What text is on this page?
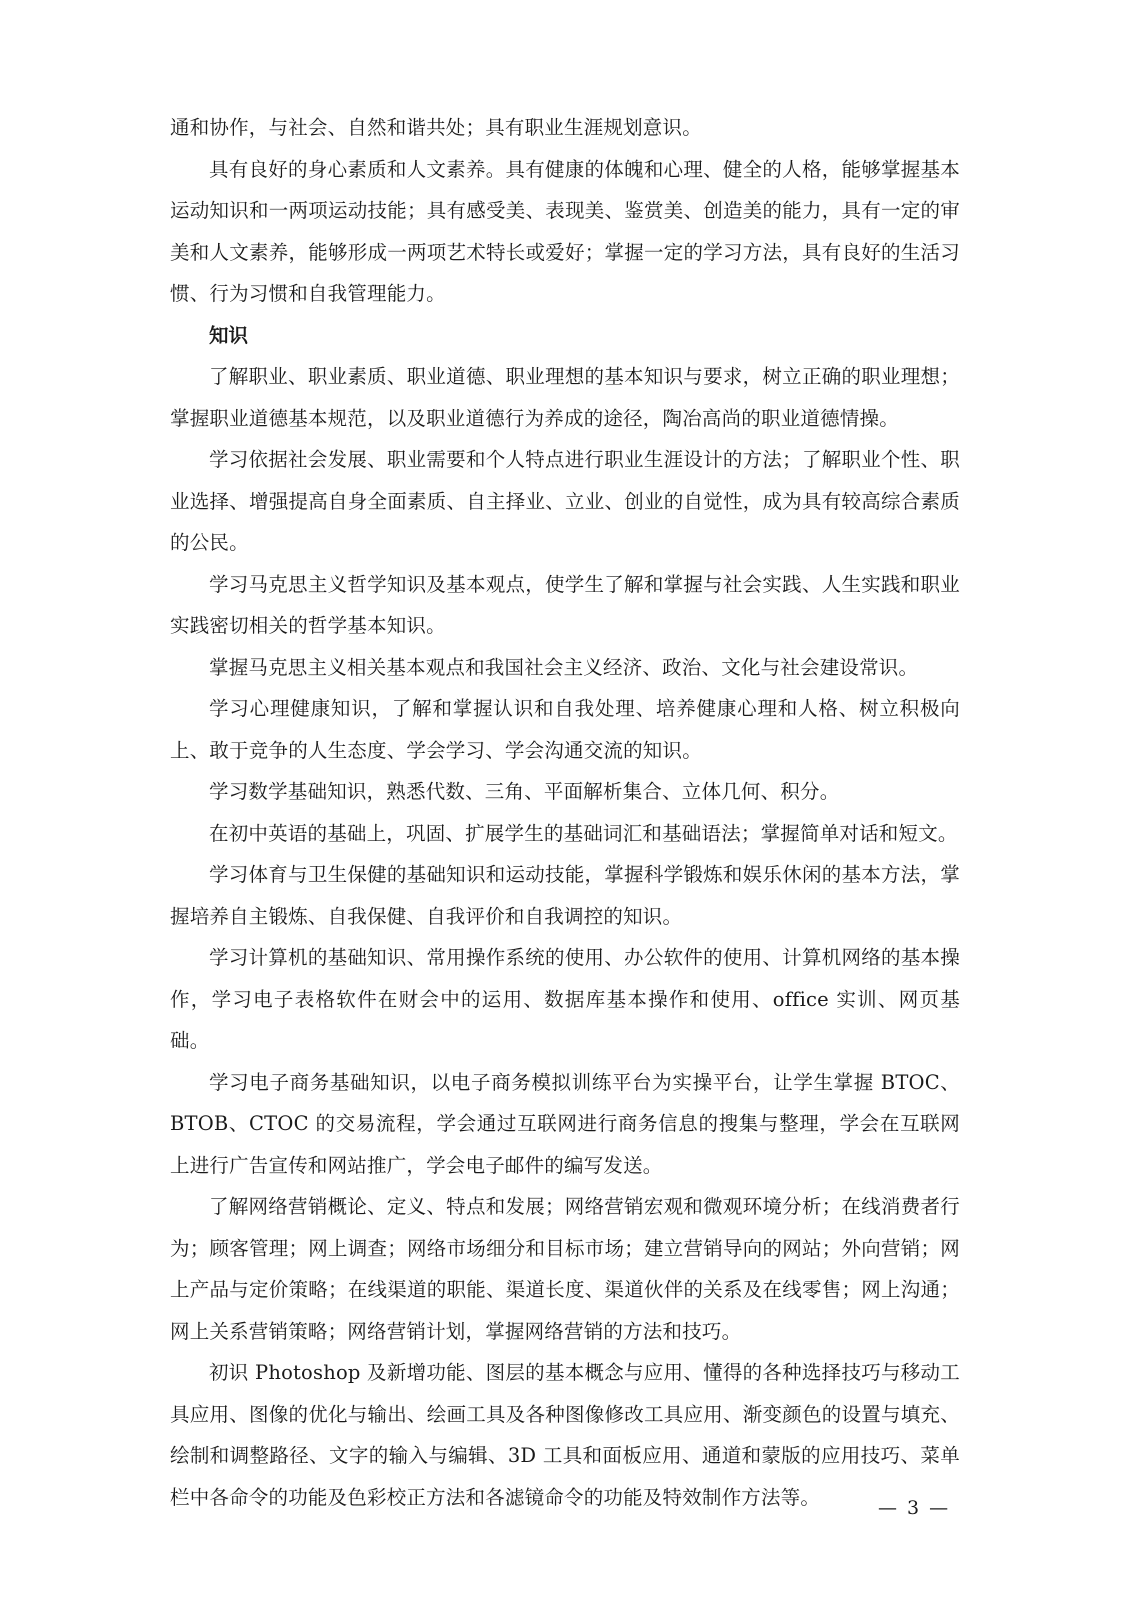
通和协作，与社会、自然和谐共处；具有职业生涯规划意识。

具有良好的身心素质和人文素养。具有健康的体魄和心理、健全的人格，能够掌握基本运动知识和一两项运动技能；具有感受美、表现美、鉴赏美、创造美的能力，具有一定的审美和人文素养，能够形成一两项艺术特长或爱好；掌握一定的学习方法，具有良好的生活习惯、行为习惯和自我管理能力。

知识

了解职业、职业素质、职业道德、职业理想的基本知识与要求，树立正确的职业理想；掌握职业道德基本规范，以及职业道德行为养成的途径，陶冶高尚的职业道德情操。

学习依据社会发展、职业需要和个人特点进行职业生涯设计的方法；了解职业个性、职业选择、增强提高自身全面素质、自主择业、立业、创业的自觉性，成为具有较高综合素质的公民。

学习马克思主义哲学知识及基本观点，使学生了解和掌握与社会实践、人生实践和职业实践密切相关的哲学基本知识。

掌握马克思主义相关基本观点和我国社会主义经济、政治、文化与社会建设常识。

学习心理健康知识，了解和掌握认识和自我处理、培养健康心理和人格、树立积极向上、敢于竞争的人生态度、学会学习、学会沟通交流的知识。

学习数学基础知识，熟悉代数、三角、平面解析集合、立体几何、积分。

在初中英语的基础上，巩固、扩展学生的基础词汇和基础语法；掌握简单对话和短文。

学习体育与卫生保健的基础知识和运动技能，掌握科学锻炼和娱乐休闲的基本方法，掌握培养自主锻炼、自我保健、自我评价和自我调控的知识。

学习计算机的基础知识、常用操作系统的使用、办公软件的使用、计算机网络的基本操作，学习电子表格软件在财会中的运用、数据库基本操作和使用、office 实训、网页基础。

学习电子商务基础知识，以电子商务模拟训练平台为实操平台，让学生掌握 BTOC、BTOB、CTOC 的交易流程，学会通过互联网进行商务信息的搜集与整理，学会在互联网上进行广告宣传和网站推广，学会电子邮件的编写发送。

了解网络营销概论、定义、特点和发展；网络营销宏观和微观环境分析；在线消费者行为；顾客管理；网上调查；网络市场细分和目标市场；建立营销导向的网站；外向营销；网上产品与定价策略；在线渠道的职能、渠道长度、渠道伙伴的关系及在线零售；网上沟通；网上关系营销策略；网络营销计划，掌握网络营销的方法和技巧。

初识 Photoshop 及新增功能、图层的基本概念与应用、懂得的各种选择技巧与移动工具应用、图像的优化与输出、绘画工具及各种图像修改工具应用、渐变颜色的设置与填充、绘制和调整路径、文字的输入与编辑、3D 工具和面板应用、通道和蒙版的应用技巧、菜单栏中各命令的功能及色彩校正方法和各滤镜命令的功能及特效制作方法等。	— 3 —
